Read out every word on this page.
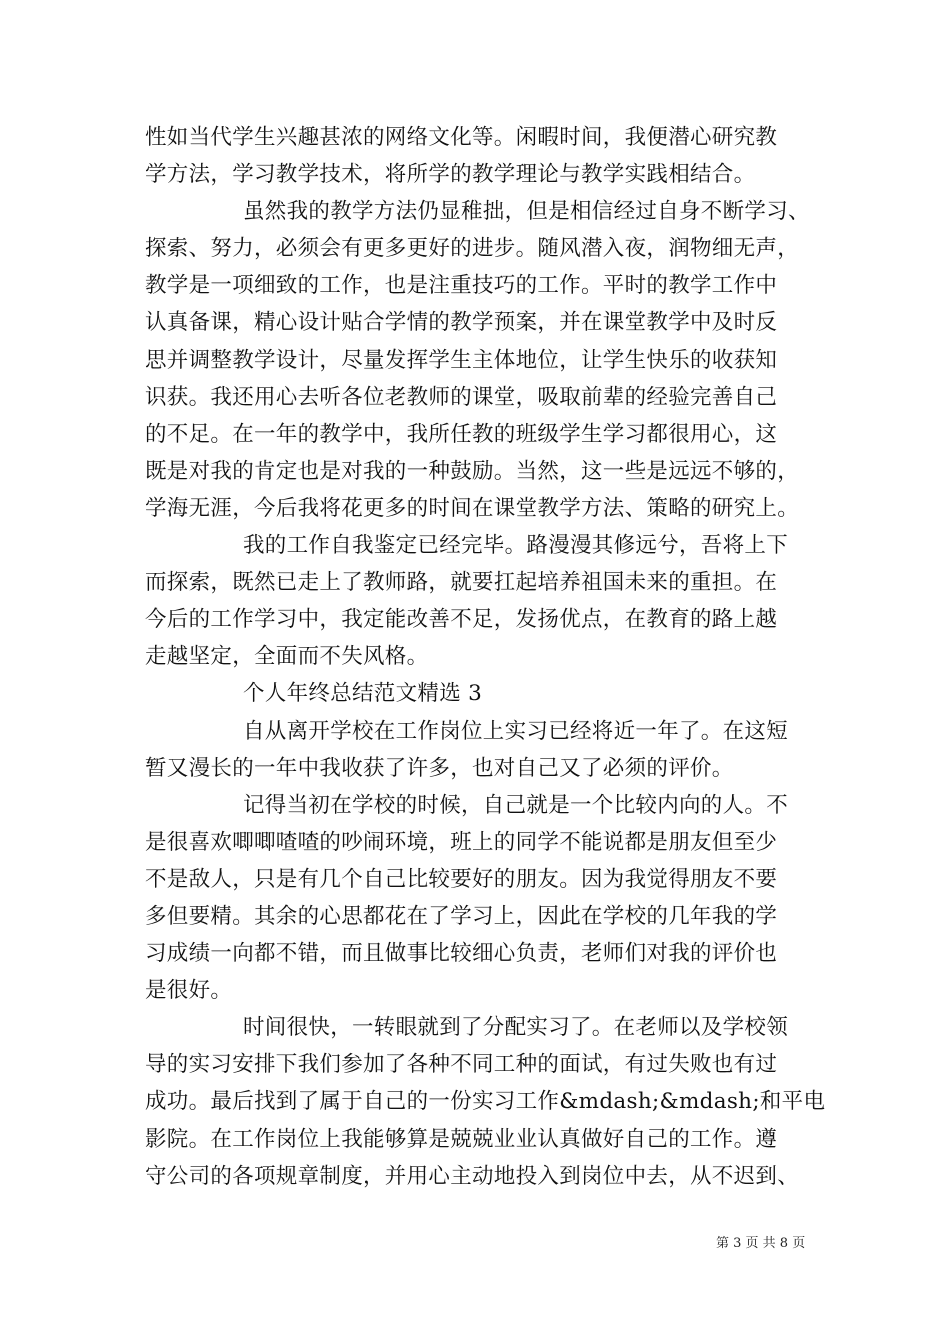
性如当代学生兴趣甚浓的网络文化等。闲暇时间，我便潜心研究教
学方法，学习教学技术，将所学的教学理论与教学实践相结合。
虽然我的教学方法仍显稚拙，但是相信经过自身不断学习、
探索、努力，必须会有更多更好的进步。随风潜入夜，润物细无声，
教学是一项细致的工作，也是注重技巧的工作。平时的教学工作中
认真备课，精心设计贴合学情的教学预案，并在课堂教学中及时反
思并调整教学设计，尽量发挥学生主体地位，让学生快乐的收获知
识获。我还用心去听各位老教师的课堂，吸取前辈的经验完善自己
的不足。在一年的教学中，我所任教的班级学生学习都很用心，这
既是对我的肯定也是对我的一种鼓励。当然，这一些是远远不够的，
学海无涯，今后我将花更多的时间在课堂教学方法、策略的研究上。
我的工作自我鉴定已经完毕。路漫漫其修远兮，吾将上下
而探索，既然已走上了教师路，就要扛起培养祖国未来的重担。在
今后的工作学习中，我定能改善不足，发扬优点，在教育的路上越
走越坚定，全面而不失风格。
个人年终总结范文精选 3
自从离开学校在工作岗位上实习已经将近一年了。在这短
暂又漫长的一年中我收获了许多，也对自己又了必须的评价。
记得当初在学校的时候，自己就是一个比较内向的人。不
是很喜欢唧唧喳喳的吵闹环境，班上的同学不能说都是朋友但至少
不是敌人，只是有几个自己比较要好的朋友。因为我觉得朋友不要
多但要精。其余的心思都花在了学习上，因此在学校的几年我的学
习成绩一向都不错，而且做事比较细心负责，老师们对我的评价也
是很好。
时间很快，一转眼就到了分配实习了。在老师以及学校领
导的实习安排下我们参加了各种不同工种的面试，有过失败也有过
成功。最后找到了属于自己的一份实习工作&mdash;&mdash;和平电
影院。在工作岗位上我能够算是兢兢业业认真做好自己的工作。遵
守公司的各项规章制度，并用心主动地投入到岗位中去，从不迟到、
第 3 页 共 8 页
